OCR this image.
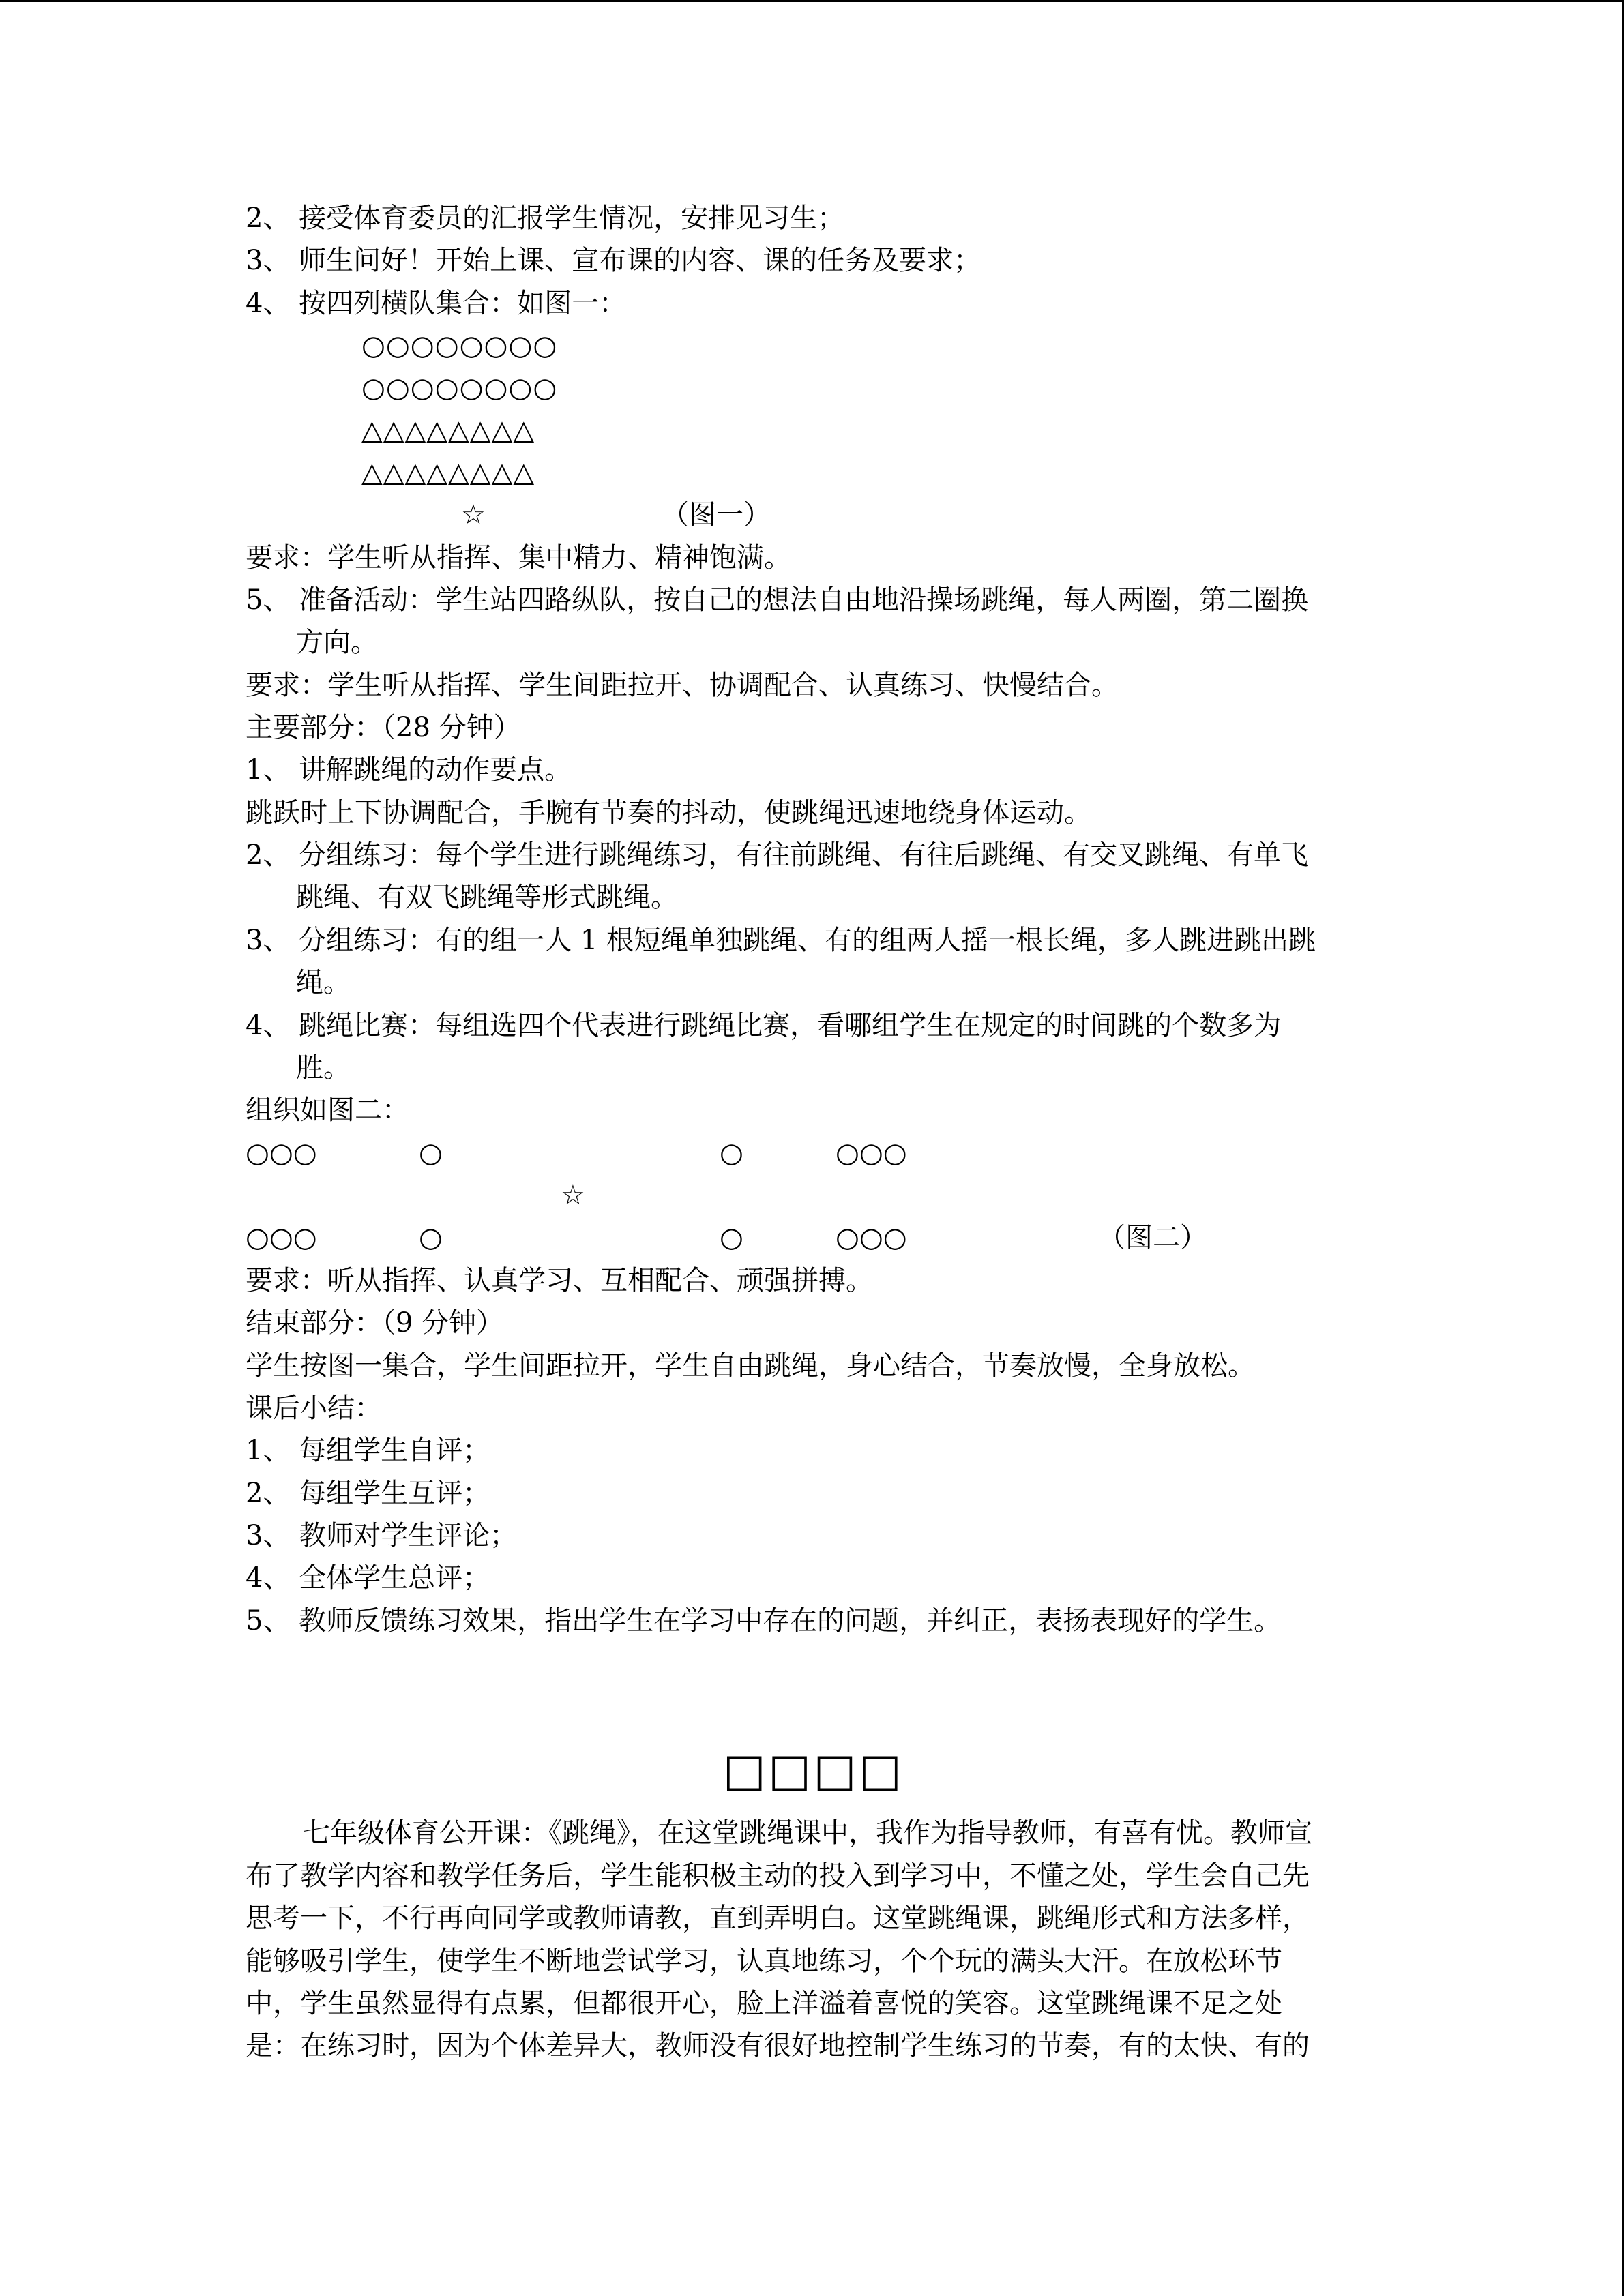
2、 接受体育委员的汇报学生情况，安排见习生；
3、 师生问好！开始上课、宣布课的内容、课的任务及要求；
4、 按四列横队集合：如图一：
○○○○○○○○
○○○○○○○○
△△△△△△△△
△△△△△△△△
☆	（图一）
要求：学生听从指挥、集中精力、精神饱满。
5、 准备活动：学生站四路纵队，按自己的想法自由地沿操场跳绳，每人两圈，第二圈换
方向。
要求：学生听从指挥、学生间距拉开、协调配合、认真练习、快慢结合。
主要部分：（28 分钟）
1、 讲解跳绳的动作要点。
跳跃时上下协调配合，手腕有节奏的抖动，使跳绳迅速地绕身体运动。
2、 分组练习：每个学生进行跳绳练习，有往前跳绳、有往后跳绳、有交叉跳绳、有单飞
跳绳、有双飞跳绳等形式跳绳。
3、 分组练习：有的组一人 1 根短绳单独跳绳、有的组两人摇一根长绳，多人跳进跳出跳
绳。
4、 跳绳比赛：每组选四个代表进行跳绳比赛，看哪组学生在规定的时间跳的个数多为
胜。
组织如图二：
○○○	○	○	○○○
☆
○○○	○	○	○○○	（图二）
要求：听从指挥、认真学习、互相配合、顽强拼搏。
结束部分：（9 分钟）
学生按图一集合，学生间距拉开，学生自由跳绳，身心结合，节奏放慢，全身放松。
课后小结：
1、 每组学生自评；
2、 每组学生互评；
3、 教师对学生评论；
4、 全体学生总评；
5、 教师反馈练习效果，指出学生在学习中存在的问题，并纠正，表扬表现好的学生。
□□□□
七年级体育公开课：《跳绳》，在这堂跳绳课中，我作为指导教师，有喜有忧。教师宣
布了教学内容和教学任务后，学生能积极主动的投入到学习中，不懂之处，学生会自己先
思考一下，不行再向同学或教师请教，直到弄明白。这堂跳绳课，跳绳形式和方法多样，
能够吸引学生，使学生不断地尝试学习，认真地练习，个个玩的满头大汗。在放松环节
中，学生虽然显得有点累，但都很开心，脸上洋溢着喜悦的笑容。这堂跳绳课不足之处
是：在练习时，因为个体差异大，教师没有很好地控制学生练习的节奏，有的太快、有的
